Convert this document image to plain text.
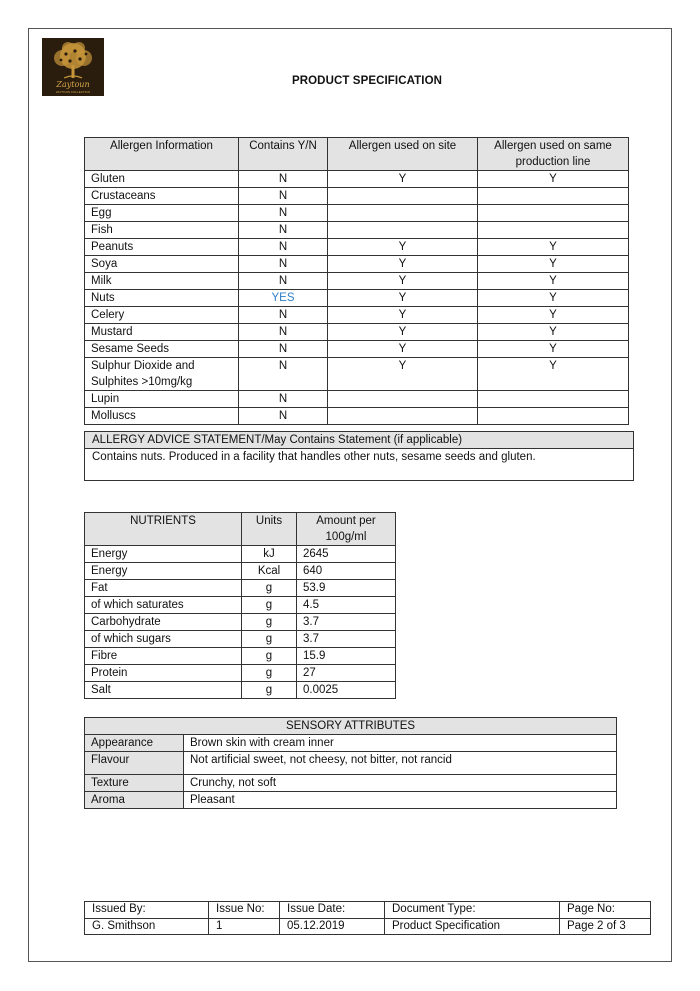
Zaytoun
ZAYTOUN COLLECTION
PRODUCT SPECIFICATION
Allergen Information	Contains Y/N	Allergen used on site	Allergen used on same production line
Gluten	N	Y	Y
Crustaceans	N		
Egg	N		
Fish	N		
Peanuts	N	Y	Y
Soya	N	Y	Y
Milk	N	Y	Y
Nuts	YES	Y	Y
Celery	N	Y	Y
Mustard	N	Y	Y
Sesame Seeds	N	Y	Y
Sulphur Dioxide and Sulphites >10mg/kg	N	Y	Y
Lupin	N		
Molluscs	N		
ALLERGY ADVICE STATEMENT/May Contains Statement (if applicable)
Contains nuts. Produced in a facility that handles other nuts, sesame seeds and gluten.
NUTRIENTS	Units	Amount per 100g/ml
Energy	kJ	2645
Energy	Kcal	640
Fat	g	53.9
of which saturates	g	4.5
Carbohydrate	g	3.7
of which sugars	g	3.7
Fibre	g	15.9
Protein	g	27
Salt	g	0.0025
SENSORY ATTRIBUTES	
Appearance	Brown skin with cream inner
Flavour	Not artificial sweet, not cheesy, not bitter, not rancid
Texture	Crunchy, not soft
Aroma	Pleasant
Issued By:	Issue No:	Issue Date:	Document Type:	Page No:
G. Smithson	1	05.12.2019	Product Specification	Page 2 of 3
